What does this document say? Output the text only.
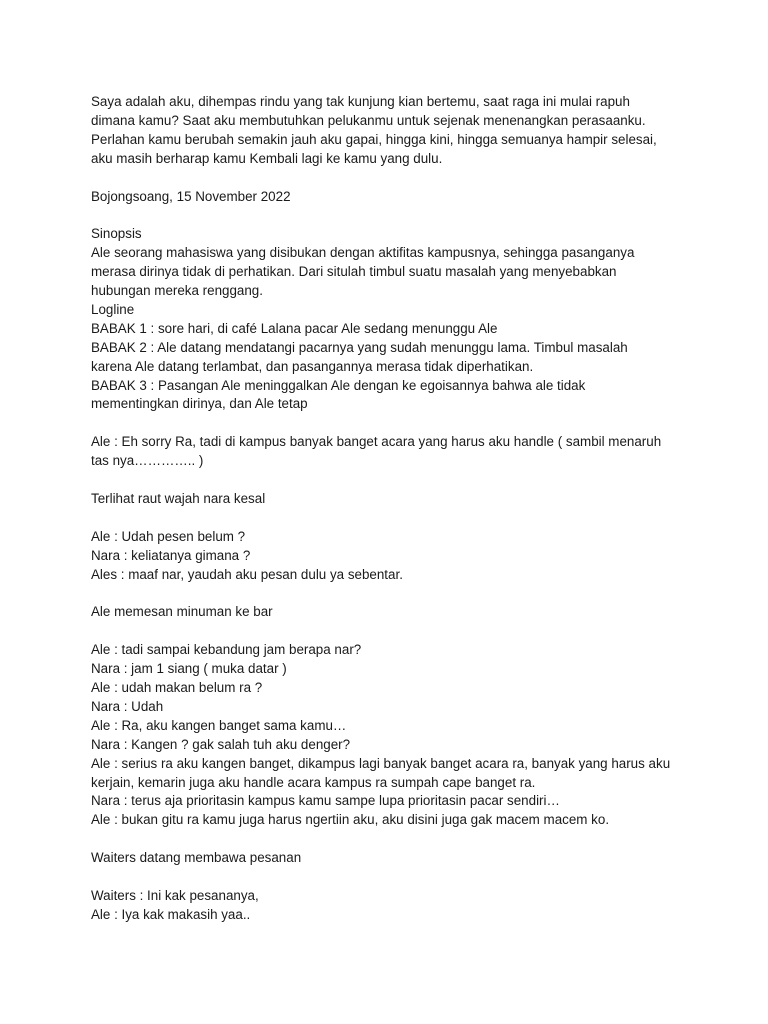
Saya adalah aku, dihempas rindu yang tak kunjung kian bertemu, saat raga ini mulai rapuh

dimana kamu? Saat aku membutuhkan pelukanmu untuk sejenak menenangkan perasaanku.

Perlahan kamu berubah semakin jauh aku gapai, hingga kini, hingga semuanya hampir selesai,

aku masih berharap kamu Kembali lagi ke kamu yang dulu.

Bojongsoang, 15 November 2022

Sinopsis

Ale seorang mahasiswa yang disibukan dengan aktifitas kampusnya, sehingga pasanganya

merasa dirinya tidak di perhatikan. Dari situlah timbul suatu masalah yang menyebabkan

hubungan mereka renggang.

Logline

BABAK 1 : sore hari, di café Lalana pacar Ale sedang menunggu Ale

BABAK 2 : Ale datang mendatangi pacarnya yang sudah menunggu lama. Timbul masalah

karena Ale datang terlambat, dan pasangannya merasa tidak diperhatikan.

BABAK 3 : Pasangan Ale meninggalkan Ale dengan ke egoisannya bahwa ale tidak

mementingkan dirinya, dan Ale tetap

Ale : Eh sorry Ra, tadi di kampus banyak banget acara yang harus aku handle ( sambil menaruh

tas nya………….. )

Terlihat raut wajah nara kesal

Ale : Udah pesen belum ?

Nara : keliatanya gimana ?

Ales : maaf nar, yaudah aku pesan dulu ya sebentar.

Ale memesan minuman ke bar

Ale : tadi sampai kebandung jam berapa nar?

Nara : jam 1 siang ( muka datar )

Ale : udah makan belum ra ?

Nara : Udah

Ale : Ra, aku kangen banget sama kamu…

Nara : Kangen ? gak salah tuh aku denger?

Ale : serius ra aku kangen banget, dikampus lagi banyak banget acara ra, banyak yang harus aku

kerjain, kemarin juga aku handle acara kampus ra sumpah cape banget ra.

Nara : terus aja prioritasin kampus kamu sampe lupa prioritasin pacar sendiri…

Ale : bukan gitu ra kamu juga harus ngertiin aku, aku disini juga gak macem macem ko.

Waiters datang membawa pesanan

Waiters : Ini kak pesananya,

Ale : Iya kak makasih yaa..
